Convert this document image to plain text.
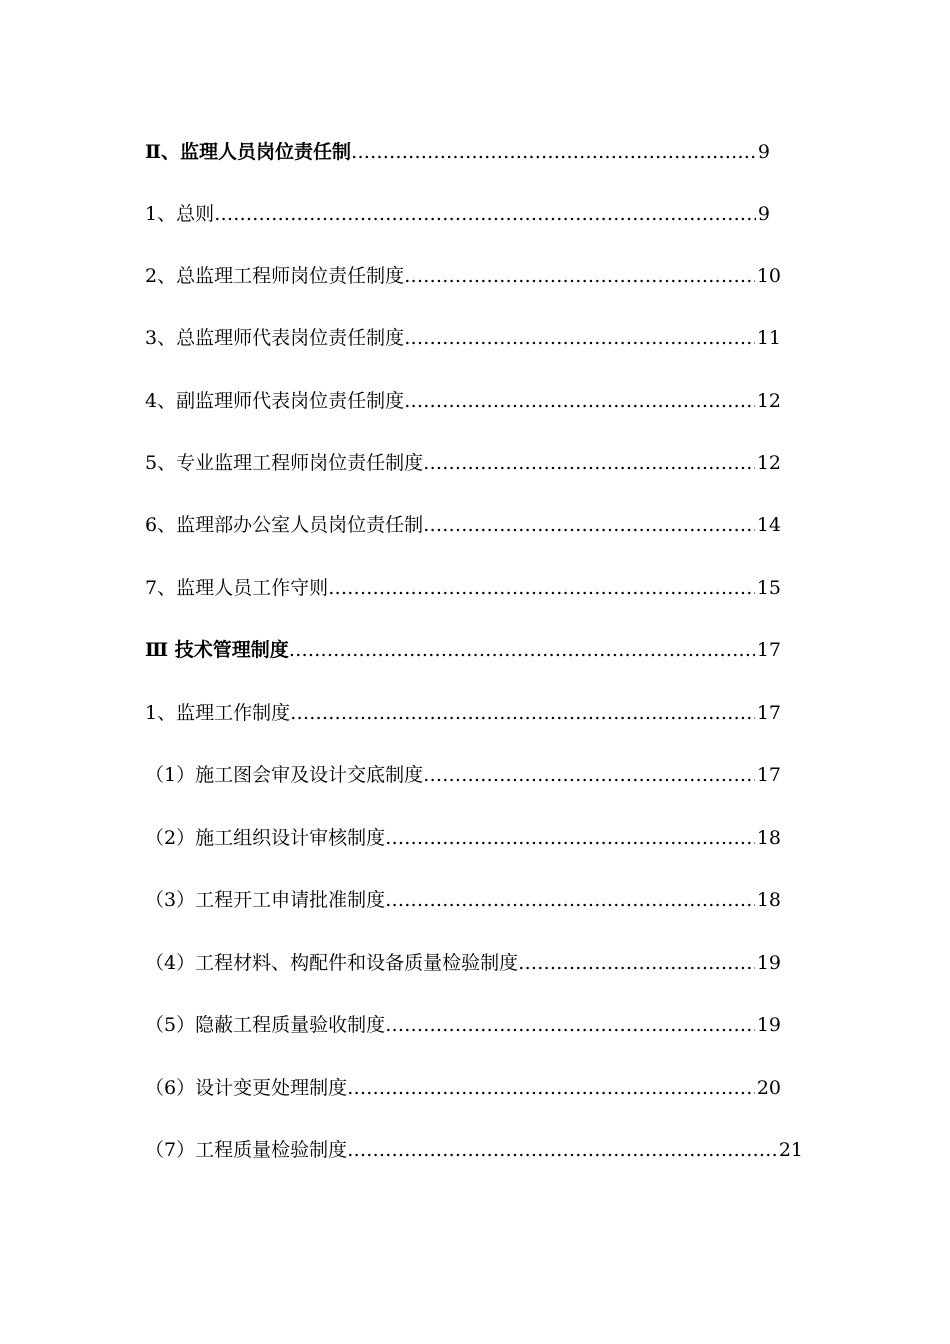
Ⅱ、监理人员岗位责任制 ……………………………………………………………………………………………………………………………………………………………………………………	9
1、总则 ……………………………………………………………………………………………………………………………………………………………………………………	9
2、总监理工程师岗位责任制度 ……………………………………………………………………………………………………………………………………………………………………………………	10
3、总监理师代表岗位责任制度 ……………………………………………………………………………………………………………………………………………………………………………………	11
4、副监理师代表岗位责任制度 ……………………………………………………………………………………………………………………………………………………………………………………	12
5、专业监理工程师岗位责任制度 ……………………………………………………………………………………………………………………………………………………………………………………	12
6、监理部办公室人员岗位责任制 ……………………………………………………………………………………………………………………………………………………………………………………	14
7、监理人员工作守则 ……………………………………………………………………………………………………………………………………………………………………………………	15
Ⅲ 技术管理制度 ……………………………………………………………………………………………………………………………………………………………………………………	17
1、监理工作制度 ……………………………………………………………………………………………………………………………………………………………………………………	17
（1）施工图会审及设计交底制度 ……………………………………………………………………………………………………………………………………………………………………………………	17
（2）施工组织设计审核制度 ……………………………………………………………………………………………………………………………………………………………………………………	18
（3）工程开工申请批准制度 ……………………………………………………………………………………………………………………………………………………………………………………	18
（4）工程材料、构配件和设备质量检验制度 ……………………………………………………………………………………………………………………………………………………………………………………	19
（5）隐蔽工程质量验收制度 ……………………………………………………………………………………………………………………………………………………………………………………	19
（6）设计变更处理制度 ……………………………………………………………………………………………………………………………………………………………………………………	20
（7）工程质量检验制度 ……………………………………………………………………………………………………………………………………………………………………………………	21
